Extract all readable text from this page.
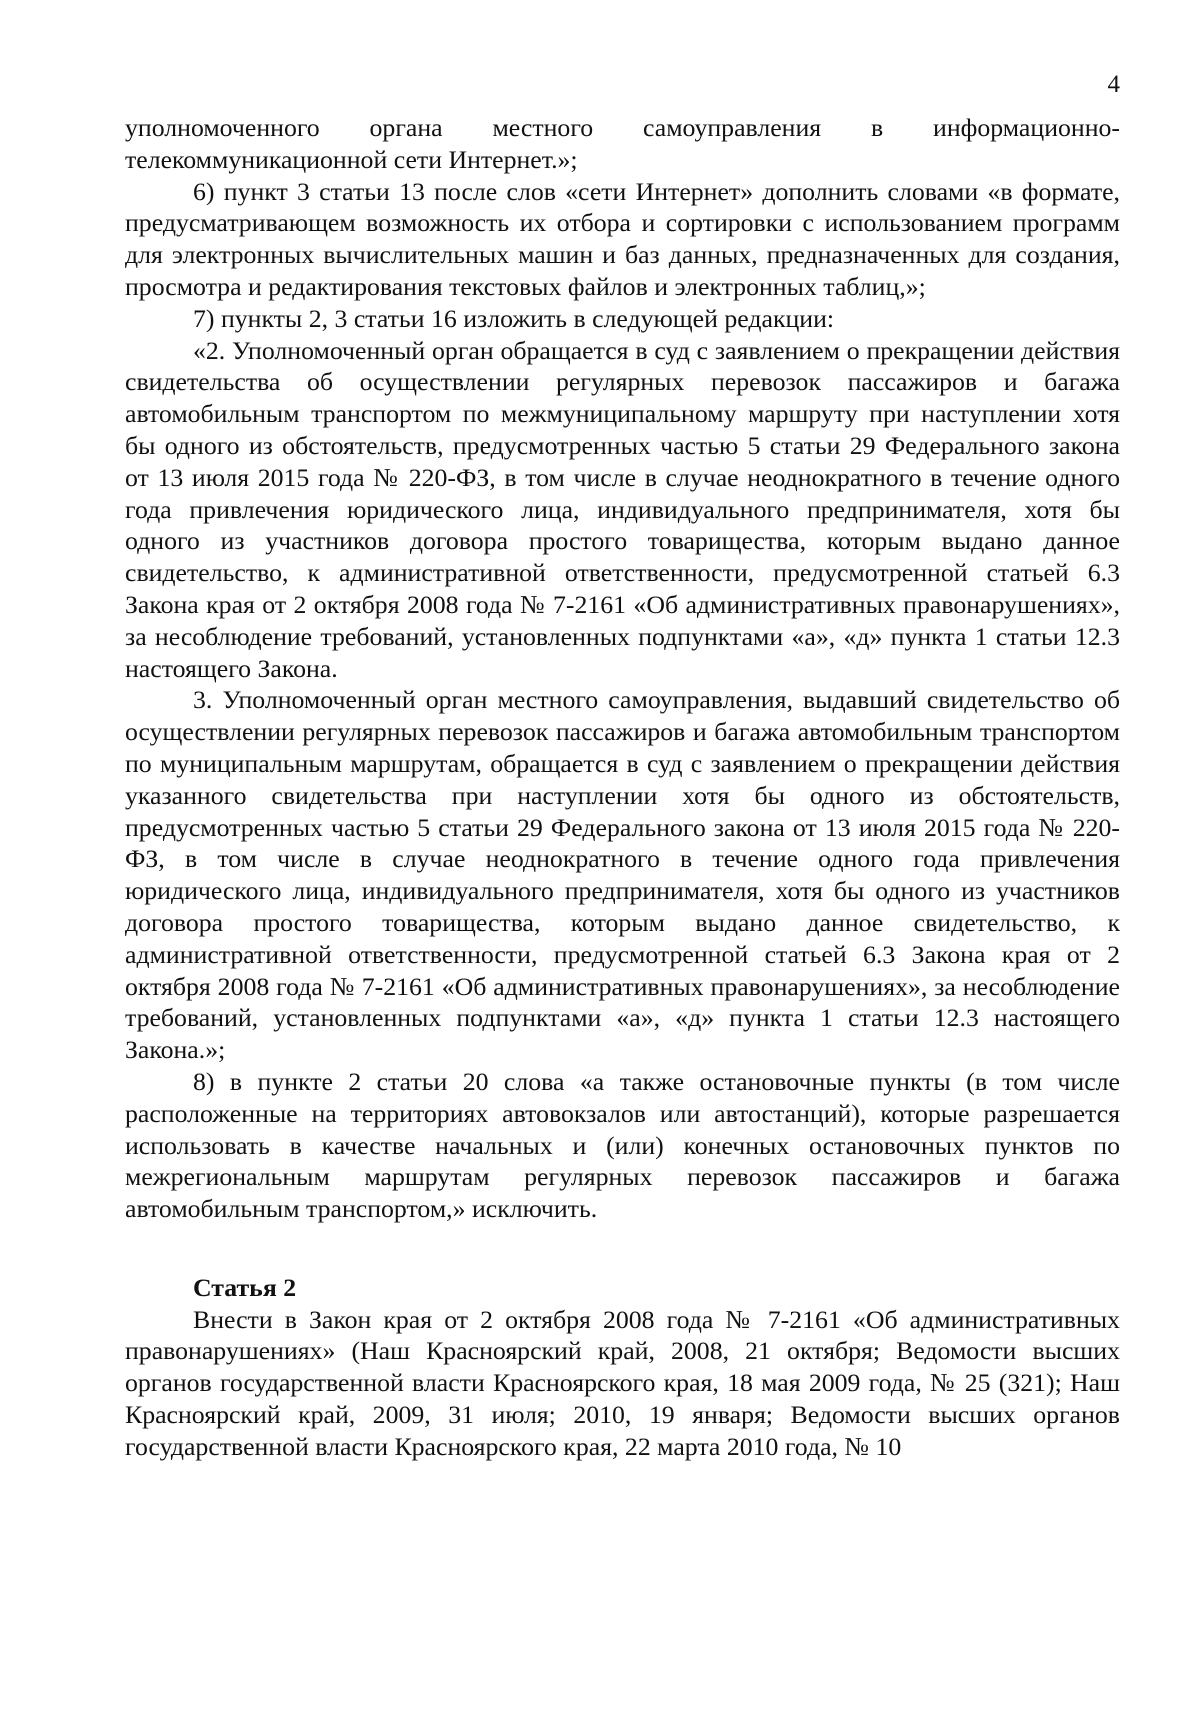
4

уполномоченного органа местного самоуправления в информационно-телекоммуникационной сети Интернет.»;

6) пункт 3 статьи 13 после слов «сети Интернет» дополнить словами «в формате, предусматривающем возможность их отбора и сортировки с использованием программ для электронных вычислительных машин и баз данных, предназначенных для создания, просмотра и редактирования текстовых файлов и электронных таблиц,»;

7) пункты 2, 3 статьи 16 изложить в следующей редакции:

«2. Уполномоченный орган обращается в суд с заявлением о прекращении действия свидетельства об осуществлении регулярных перевозок пассажиров и багажа автомобильным транспортом по межмуниципальному маршруту при наступлении хотя бы одного из обстоятельств, предусмотренных частью 5 статьи 29 Федерального закона от 13 июля 2015 года № 220-ФЗ, в том числе в случае неоднократного в течение одного года привлечения юридического лица, индивидуального предпринимателя, хотя бы одного из участников договора простого товарищества, которым выдано данное свидетельство, к административной ответственности, предусмотренной статьей 6.3 Закона края от 2 октября 2008 года № 7-2161 «Об административных правонарушениях», за несоблюдение требований, установленных подпунктами «а», «д» пункта 1 статьи 12.3 настоящего Закона.

3. Уполномоченный орган местного самоуправления, выдавший свидетельство об осуществлении регулярных перевозок пассажиров и багажа автомобильным транспортом по муниципальным маршрутам, обращается в суд с заявлением о прекращении действия указанного свидетельства при наступлении хотя бы одного из обстоятельств, предусмотренных частью 5 статьи 29 Федерального закона от 13 июля 2015 года № 220-ФЗ, в том числе в случае неоднократного в течение одного года привлечения юридического лица, индивидуального предпринимателя, хотя бы одного из участников договора простого товарищества, которым выдано данное свидетельство, к административной ответственности, предусмотренной статьей 6.3 Закона края от 2 октября 2008 года № 7-2161 «Об административных правонарушениях», за несоблюдение требований, установленных подпунктами «а», «д» пункта 1 статьи 12.3 настоящего Закона.»;

8) в пункте 2 статьи 20 слова «а также остановочные пункты (в том числе расположенные на территориях автовокзалов или автостанций), которые разрешается использовать в качестве начальных и (или) конечных остановочных пунктов по межрегиональным маршрутам регулярных перевозок пассажиров и багажа автомобильным транспортом,» исключить.

Статья 2

Внести в Закон края от 2 октября 2008 года № 7-2161 «Об административных правонарушениях» (Наш Красноярский край, 2008, 21 октября; Ведомости высших органов государственной власти Красноярского края, 18 мая 2009 года, № 25 (321); Наш Красноярский край, 2009, 31 июля; 2010, 19 января; Ведомости высших органов государственной власти Красноярского края, 22 марта 2010 года, № 10
